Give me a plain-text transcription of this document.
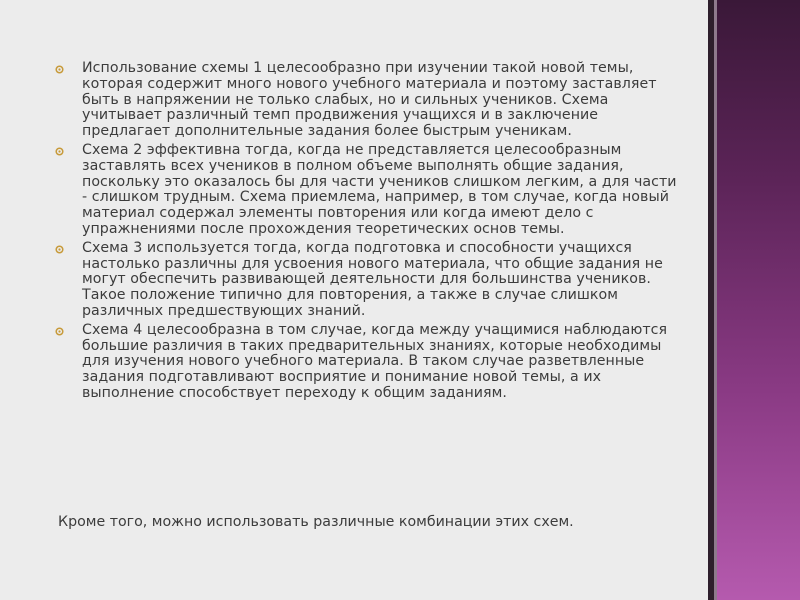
Использование схемы 1 целесообразно при изучении такой новой темы, которая содержит много нового учебного материала и поэтому заставляет быть в напряжении не только слабых, но и сильных учеников. Схема учитывает различный темп продвижения учащихся и в заключение предлагает дополнительные задания более быстрым ученикам.
Схема 2 эффективна тогда, когда не представляется целесообразным заставлять всех учеников в полном объеме выполнять общие задания, поскольку это оказалось бы для части учеников слишком легким, а для части - слишком трудным. Схема приемлема, например, в том случае, когда новый материал содержал элементы повторения или когда имеют дело с упражнениями после прохождения теоретических основ темы.
Схема 3 используется тогда, когда подготовка и способности учащихся настолько различны для усвоения нового материала, что общие задания не могут обеспечить развивающей деятельности для большинства учеников. Такое положение типично для повторения, а также в случае слишком различных предшествующих знаний.
Схема 4 целесообразна в том случае, когда между учащимися наблюдаются большие различия в таких предварительных знаниях, которые необходимы для изучения нового учебного материала. В таком случае разветвленные задания подготавливают восприятие и понимание новой темы, а их выполнение способствует переходу к общим заданиям.

Кроме того, можно использовать различные комбинации этих схем.
